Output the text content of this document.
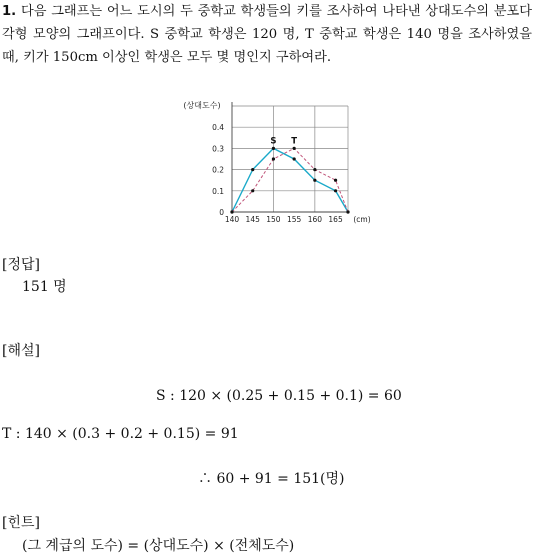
1. 다음 그래프는 어느 도시의 두 중학교 학생들의 키를 조사하여 나타낸 상대도수의 분포다각형 모양의 그래프이다. S 중학교 학생은 120 명, T 중학교 학생은 140 명을 조사하였을 때, 키가 150cm 이상인 학생은 모두 몇 명인지 구하여라.
0
0.1
0.2
0.3
0.4
140 145 150 155 160 165 (cm)
(상대도수)
S T
[정답]
151 명
[해설]
S : 120 × (0.25 + 0.15 + 0.1) = 60
T : 140 × (0.3 + 0.2 + 0.15) = 91
∴ 60 + 91 = 151(명)
[힌트]
(그 계급의 도수) = (상대도수) × (전체도수)
